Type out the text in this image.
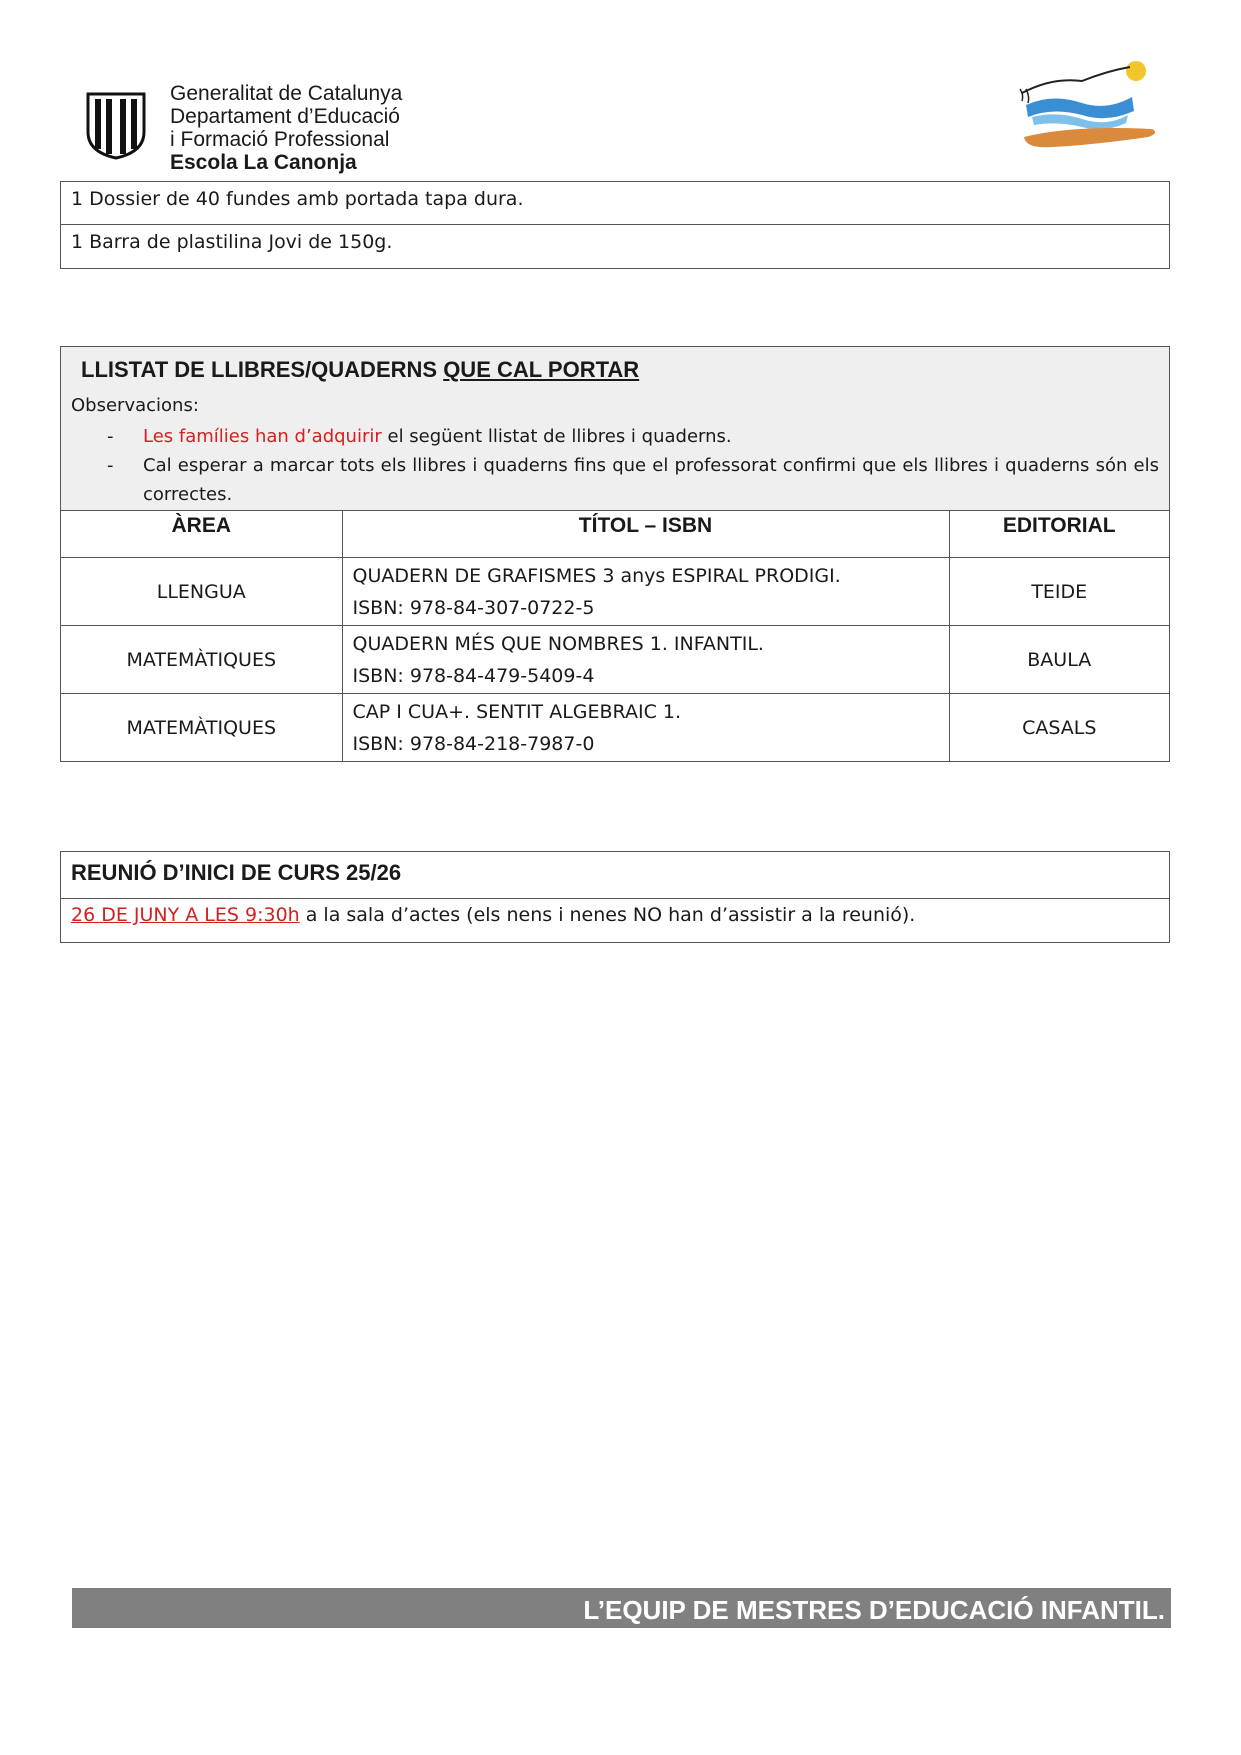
Generalitat de Catalunya
Departament d’Educació
i Formació Professional
Escola La Canonja
1 Dossier de 40 fundes amb portada tapa dura.
1 Barra de plastilina Jovi de 150g.
LLISTAT DE LLIBRES/QUADERNS QUE CAL PORTAR
Observacions:
- Les famílies han d’adquirir el següent llistat de llibres i quaderns.
- Cal esperar a marcar tots els llibres i quaderns fins que el professorat confirmi que els llibres i quaderns són els correctes.
ÀREA	TÍTOL – ISBN	EDITORIAL
LLENGUA	QUADERN DE GRAFISMES 3 anys ESPIRAL PRODIGI.
ISBN: 978-84-307-0722-5	TEIDE
MATEMÀTIQUES	QUADERN MÉS QUE NOMBRES 1. INFANTIL.
ISBN: 978-84-479-5409-4	BAULA
MATEMÀTIQUES	CAP I CUA+. SENTIT ALGEBRAIC 1.
ISBN: 978-84-218-7987-0	CASALS
REUNIÓ D’INICI DE CURS 25/26
26 DE JUNY A LES 9:30h a la sala d’actes (els nens i nenes NO han d’assistir a la reunió).
L’EQUIP DE MESTRES D’EDUCACIÓ INFANTIL.
